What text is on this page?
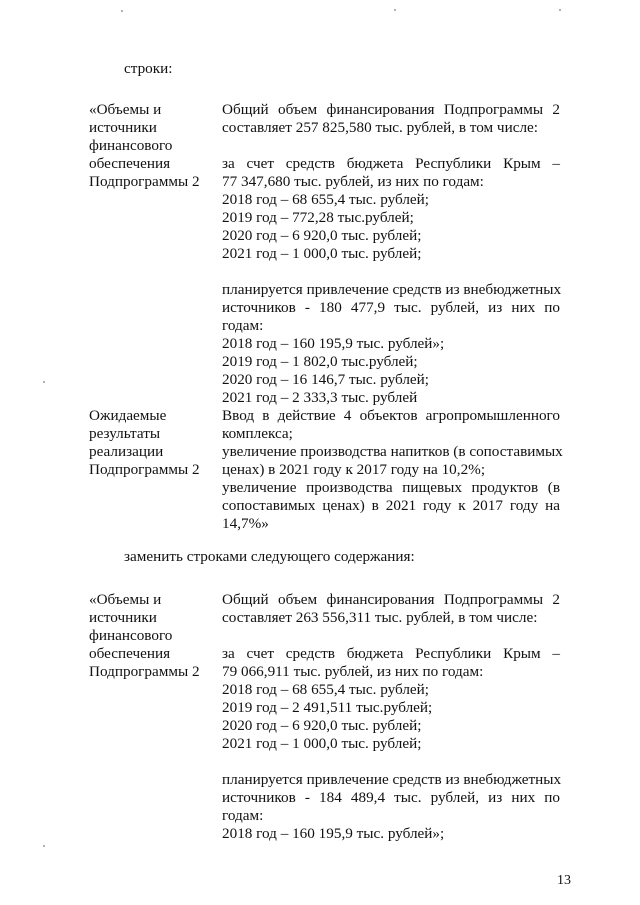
строки:
«Объемы и
источники
финансового
обеспечения
Подпрограммы 2
Общий объем финансирования Подпрограммы 2
составляет 257 825,580 тыс. рублей, в том числе:
за счет средств бюджета Республики Крым –
77 347,680 тыс. рублей, из них по годам:
2018 год – 68 655,4 тыс. рублей;
2019 год – 772,28 тыс.рублей;
2020 год – 6 920,0 тыс. рублей;
2021 год – 1 000,0 тыс. рублей;
планируется привлечение средств из внебюджетных
источников - 180 477,9 тыс. рублей, из них по
годам:
2018 год – 160 195,9 тыс. рублей»;
2019 год – 1 802,0 тыс.рублей;
2020 год – 16 146,7 тыс. рублей;
2021 год – 2 333,3 тыс. рублей
Ожидаемые
результаты
реализации
Подпрограммы 2
Ввод в действие 4 объектов агропромышленного
комплекса;
увеличение производства напитков (в сопоставимых
ценах) в 2021 году к 2017 году на 10,2%;
увеличение производства пищевых продуктов (в
сопоставимых ценах) в 2021 году к 2017 году на
14,7%»
заменить строками следующего содержания:
«Объемы и
источники
финансового
обеспечения
Подпрограммы 2
Общий объем финансирования Подпрограммы 2
составляет 263 556,311 тыс. рублей, в том числе:
за счет средств бюджета Республики Крым –
79 066,911 тыс. рублей, из них по годам:
2018 год – 68 655,4 тыс. рублей;
2019 год – 2 491,511 тыс.рублей;
2020 год – 6 920,0 тыс. рублей;
2021 год – 1 000,0 тыс. рублей;
планируется привлечение средств из внебюджетных
источников - 184 489,4 тыс. рублей, из них по
годам:
2018 год – 160 195,9 тыс. рублей»;
13
